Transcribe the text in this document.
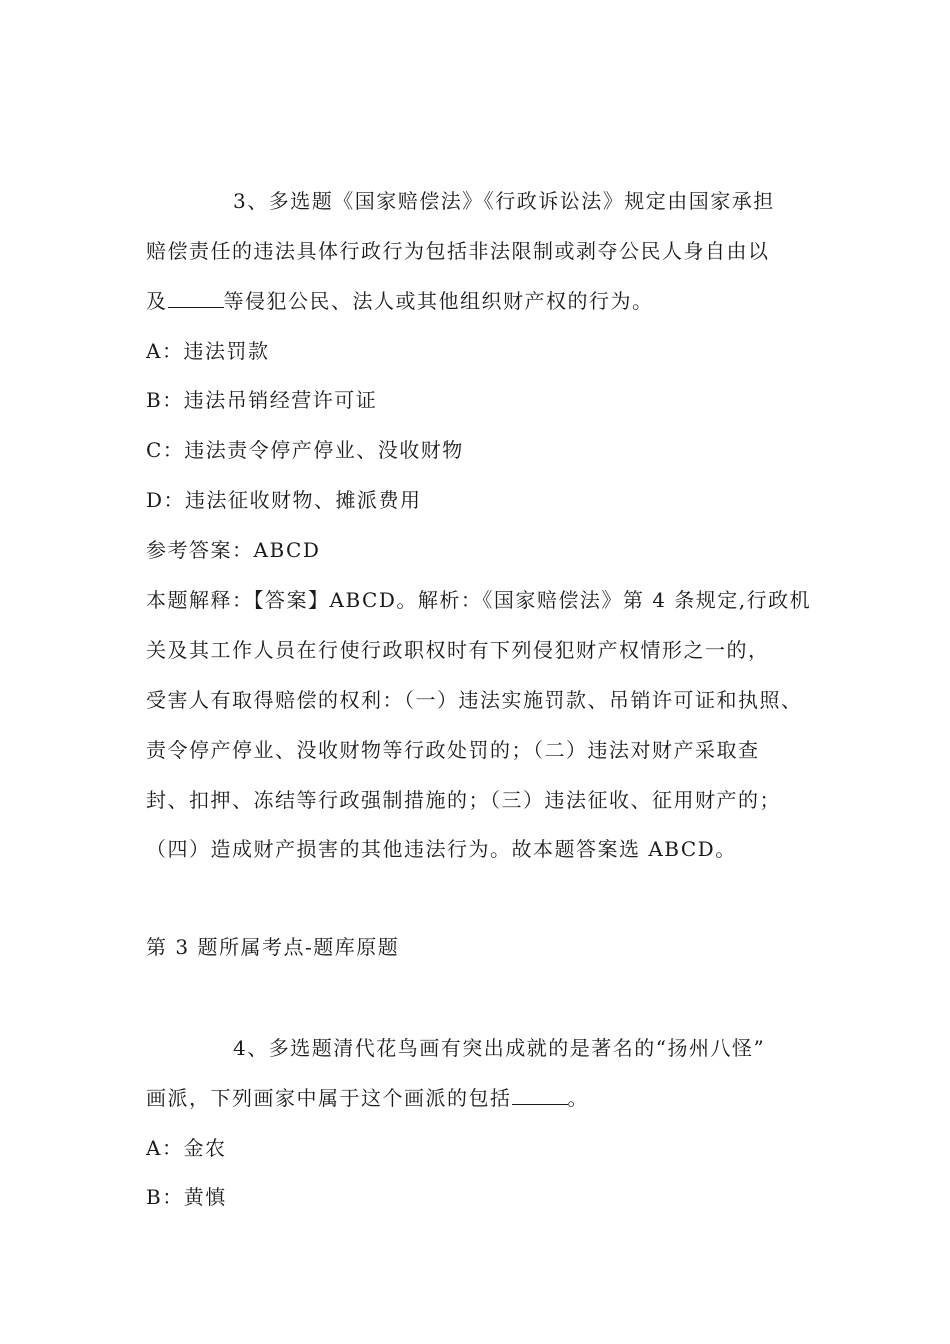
3、多选题《国家赔偿法》《行政诉讼法》规定由国家承担
赔偿责任的违法具体行政行为包括非法限制或剥夺公民人身自由以
及	等侵犯公民、法人或其他组织财产权的行为。
A：违法罚款
B：违法吊销经营许可证
C：违法责令停产停业、没收财物
D：违法征收财物、摊派费用
参考答案：ABCD
本题解释：【答案】ABCD。解析：《国家赔偿法》第 4 条规定,行政机
关及其工作人员在行使行政职权时有下列侵犯财产权情形之一的，
受害人有取得赔偿的权利：（一）违法实施罚款、吊销许可证和执照、
责令停产停业、没收财物等行政处罚的；（二）违法对财产采取查
封、扣押、冻结等行政强制措施的；（三）违法征收、征用财产的；
（四）造成财产损害的其他违法行为。故本题答案选 ABCD。
第 3 题所属考点-题库原题
4、多选题清代花鸟画有突出成就的是著名的“扬州八怪”
画派，下列画家中属于这个画派的包括	。
A：金农
B：黄慎
